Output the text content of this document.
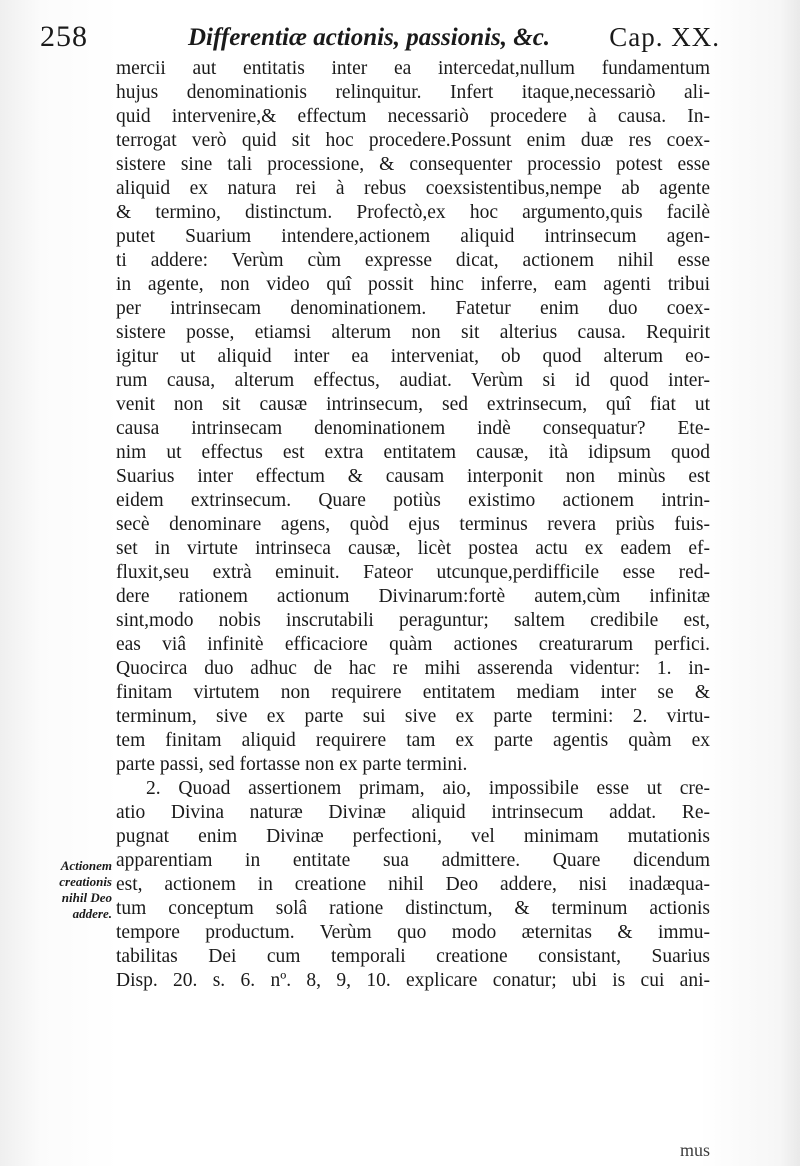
258	Differentiæ actionis, passionis, &c. Cap. XX.
Actionem
creationis
nihil Deo
addere.
mercii aut entitatis inter ea intercedat,nullum fundamentum
hujus denominationis relinquitur. Infert itaque,necessariò ali-
quid intervenire,& effectum necessariò procedere à causa. In-
terrogat verò quid sit hoc procedere.Possunt enim duæ res coex-
sistere sine tali processione, & consequenter processio potest esse
aliquid ex natura rei à rebus coexsistentibus,nempe ab agente
& termino, distinctum. Profectò,ex hoc argumento,quis facilè
putet Suarium intendere,actionem aliquid intrinsecum agen-
ti addere: Verùm cùm expresse dicat, actionem nihil esse
in agente, non video quî possit hinc inferre, eam agenti tribui
per intrinsecam denominationem. Fatetur enim duo coex-
sistere posse, etiamsi alterum non sit alterius causa. Requirit
igitur ut aliquid inter ea interveniat, ob quod alterum eo-
rum causa, alterum effectus, audiat. Verùm si id quod inter-
venit non sit causæ intrinsecum, sed extrinsecum, quî fiat ut
causa intrinsecam denominationem indè consequatur? Ete-
nim ut effectus est extra entitatem causæ, ità idipsum quod
Suarius inter effectum & causam interponit non minùs est
eidem extrinsecum. Quare potiùs existimo actionem intrin-
secè denominare agens, quòd ejus terminus revera priùs fuis-
set in virtute intrinseca causæ, licèt postea actu ex eadem ef-
fluxit,seu extrà eminuit. Fateor utcunque,perdifficile esse red-
dere rationem actionum Divinarum:fortè autem,cùm infinitæ
sint,modo nobis inscrutabili peraguntur; saltem credibile est,
eas viâ infinitè efficaciore quàm actiones creaturarum perfici.
Quocirca duo adhuc de hac re mihi asserenda videntur: 1. in-
finitam virtutem non requirere entitatem mediam inter se &
terminum, sive ex parte sui sive ex parte termini: 2. virtu-
tem finitam aliquid requirere tam ex parte agentis quàm ex
parte passi, sed fortasse non ex parte termini.
2. Quoad assertionem primam, aio, impossibile esse ut cre-
atio Divina naturæ Divinæ aliquid intrinsecum addat. Re-
pugnat enim Divinæ perfectioni, vel minimam mutationis
apparentiam in entitate sua admittere. Quare dicendum
est, actionem in creatione nihil Deo addere, nisi inadæqua-
tum conceptum solâ ratione distinctum, & terminum actionis
tempore productum. Verùm quo modo æternitas & immu-
tabilitas Dei cum temporali creatione consistant, Suarius
Disp. 20. s. 6. nº. 8, 9, 10. explicare conatur; ubi is cui ani-
mus
